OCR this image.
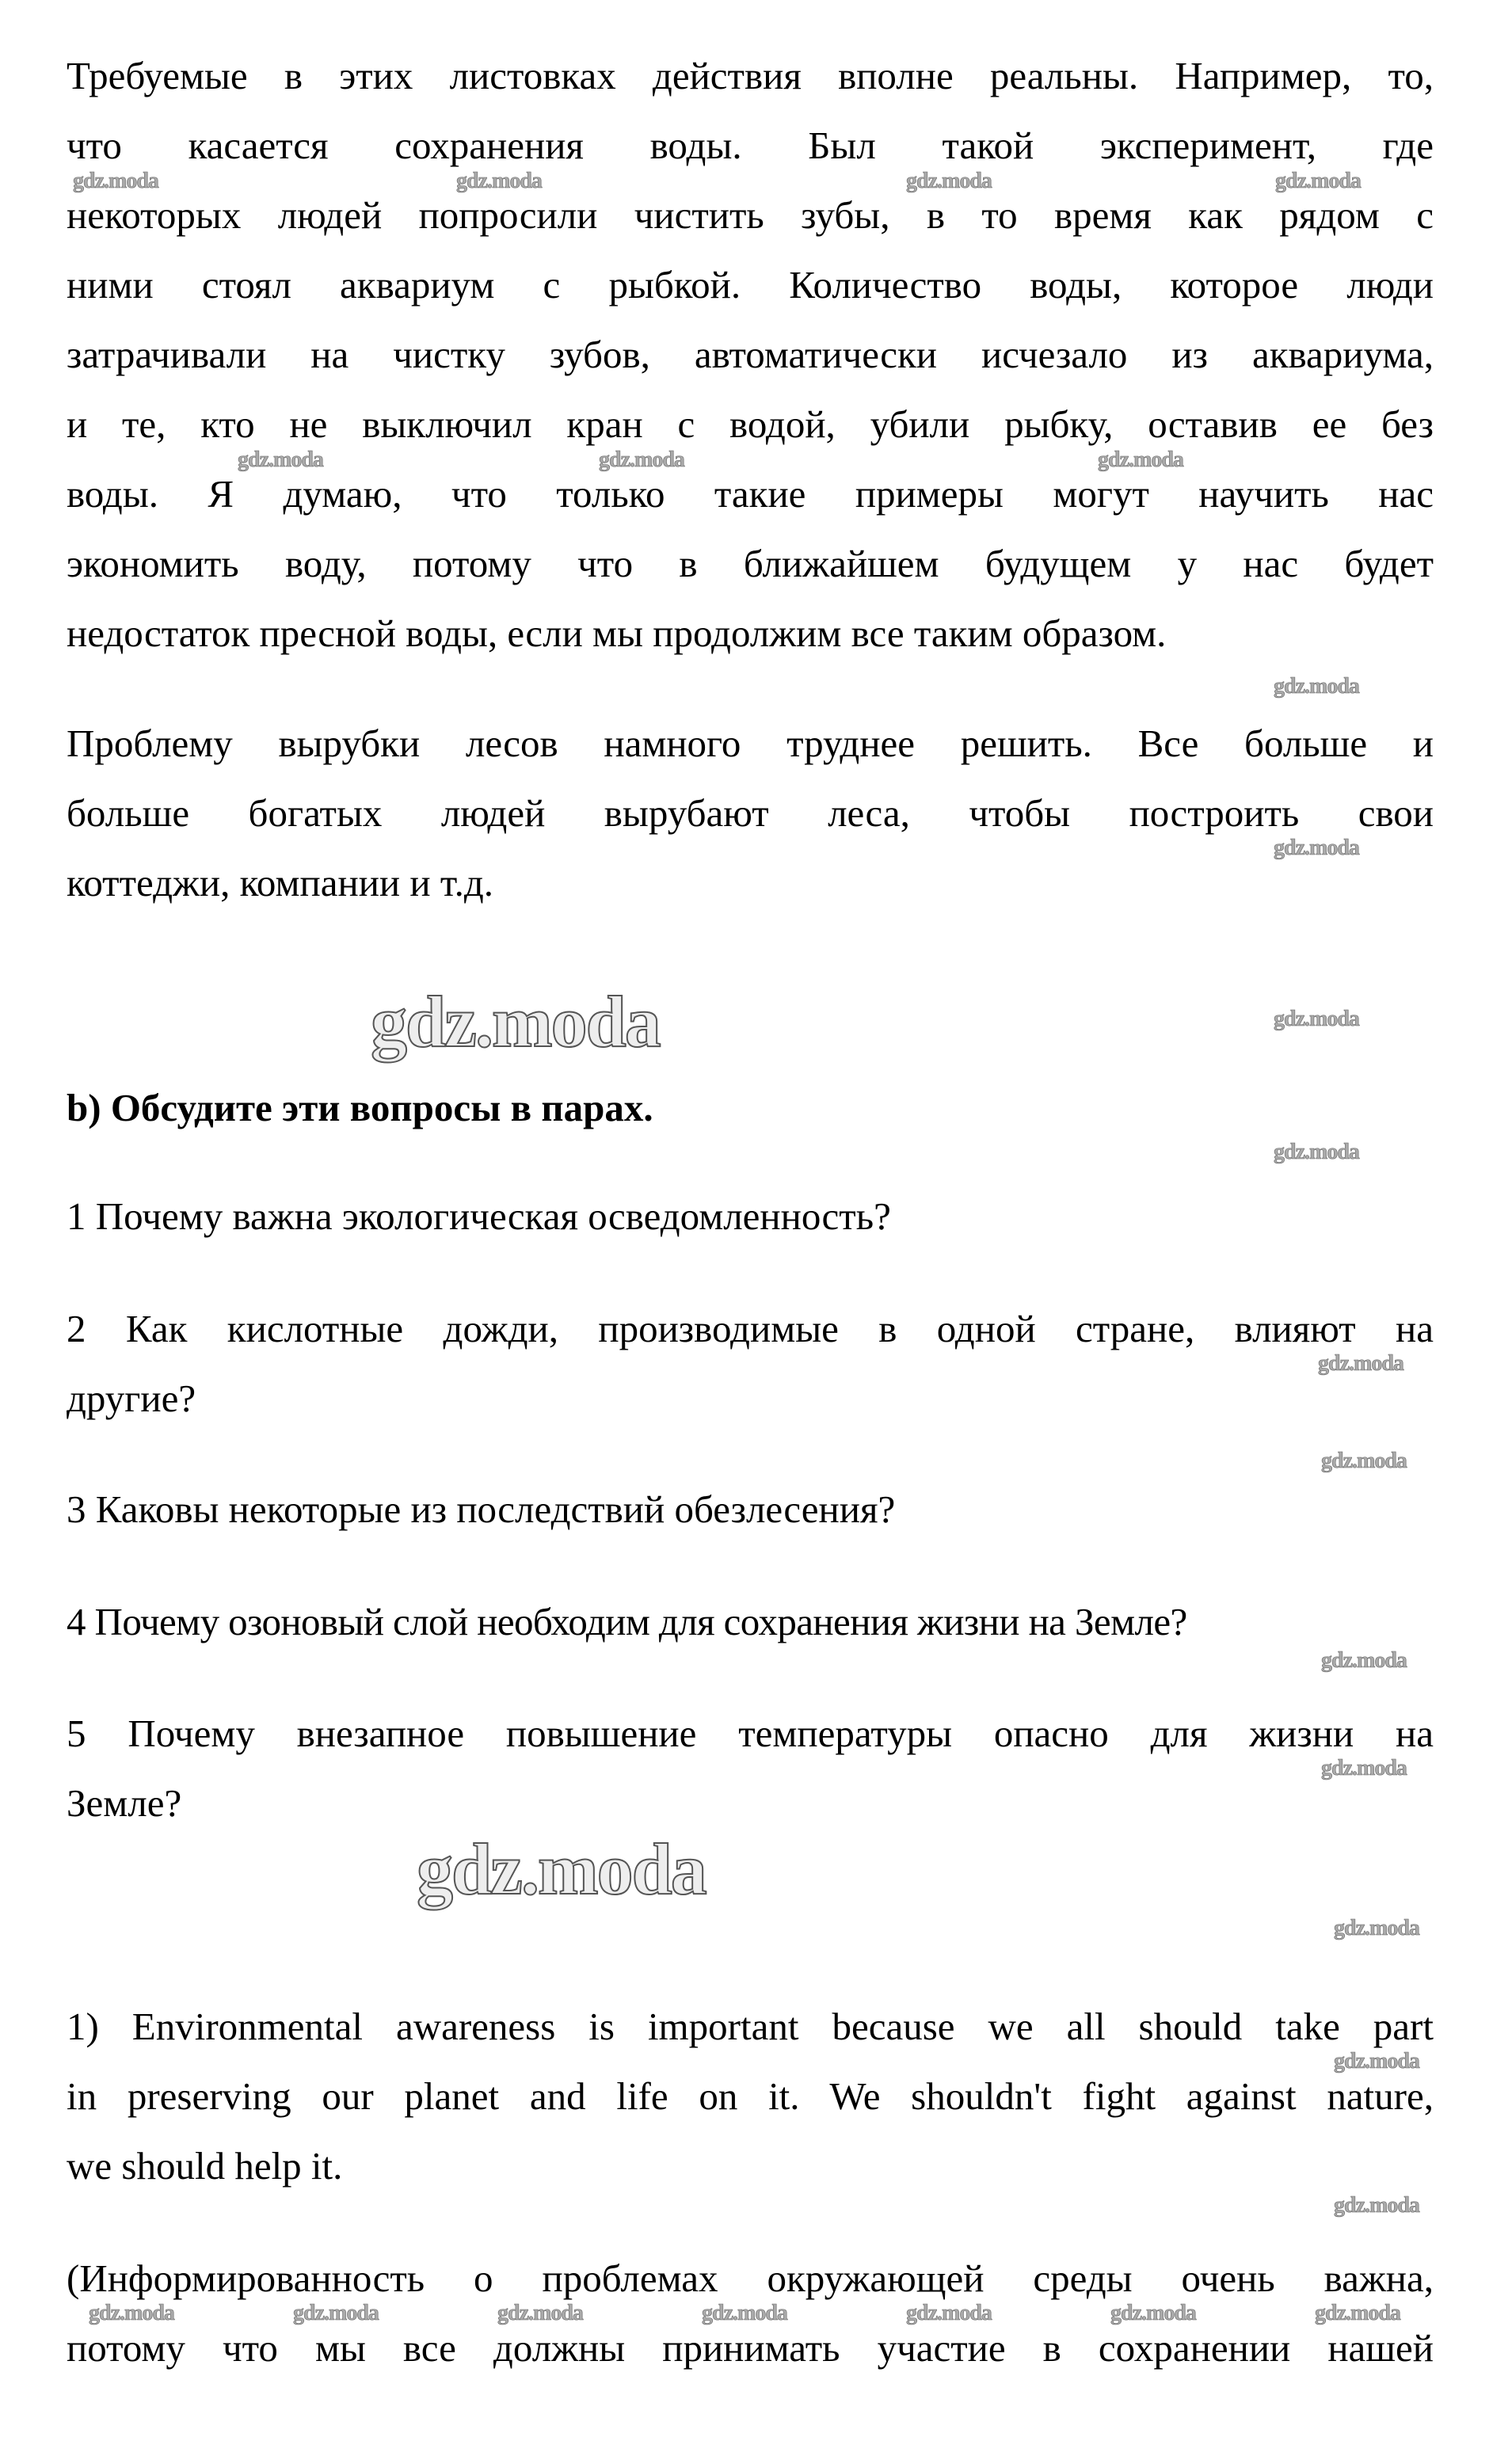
Требуемые в этих листовках действия вполне реальны. Например, то,
что касается сохранения воды. Был такой эксперимент, где
некоторых людей попросили чистить зубы, в то время как рядом с
ними стоял аквариум с рыбкой. Количество воды, которое люди
затрачивали на чистку зубов, автоматически исчезало из аквариума,
и те, кто не выключил кран с водой, убили рыбку, оставив ее без
воды. Я думаю, что только такие примеры могут научить нас
экономить воду, потому что в ближайшем будущем у нас будет
недостаток пресной воды, если мы продолжим все таким образом.
Проблему вырубки лесов намного труднее решить. Все больше и
больше богатых людей вырубают леса, чтобы построить свои
коттеджи, компании и т.д.
b) Обсудите эти вопросы в парах.
1 Почему важна экологическая осведомленность?
2 Как кислотные дожди, производимые в одной стране, влияют на
другие?
3 Каковы некоторые из последствий обезлесения?
4 Почему озоновый слой необходим для сохранения жизни на Земле?
5 Почему внезапное повышение температуры опасно для жизни на
Земле?
1) Environmental awareness is important because we all should take part
in preserving our planet and life on it. We shouldn't fight against nature,
we should help it.
(Информированность о проблемах окружающей среды очень важна,
потому что мы все должны принимать участие в сохранении нашей
gdz.moda	gdz.moda	gdz.moda	gdz.moda
gdz.moda	gdz.moda	gdz.moda
gdz.moda
gdz.moda
gdz.moda
gdz.moda
gdz.moda
gdz.moda
gdz.moda
gdz.moda
gdz.moda
gdz.moda
gdz.moda
gdz.moda
gdz.moda
gdz.moda	gdz.moda	gdz.moda	gdz.moda	gdz.moda	gdz.moda	gdz.moda
